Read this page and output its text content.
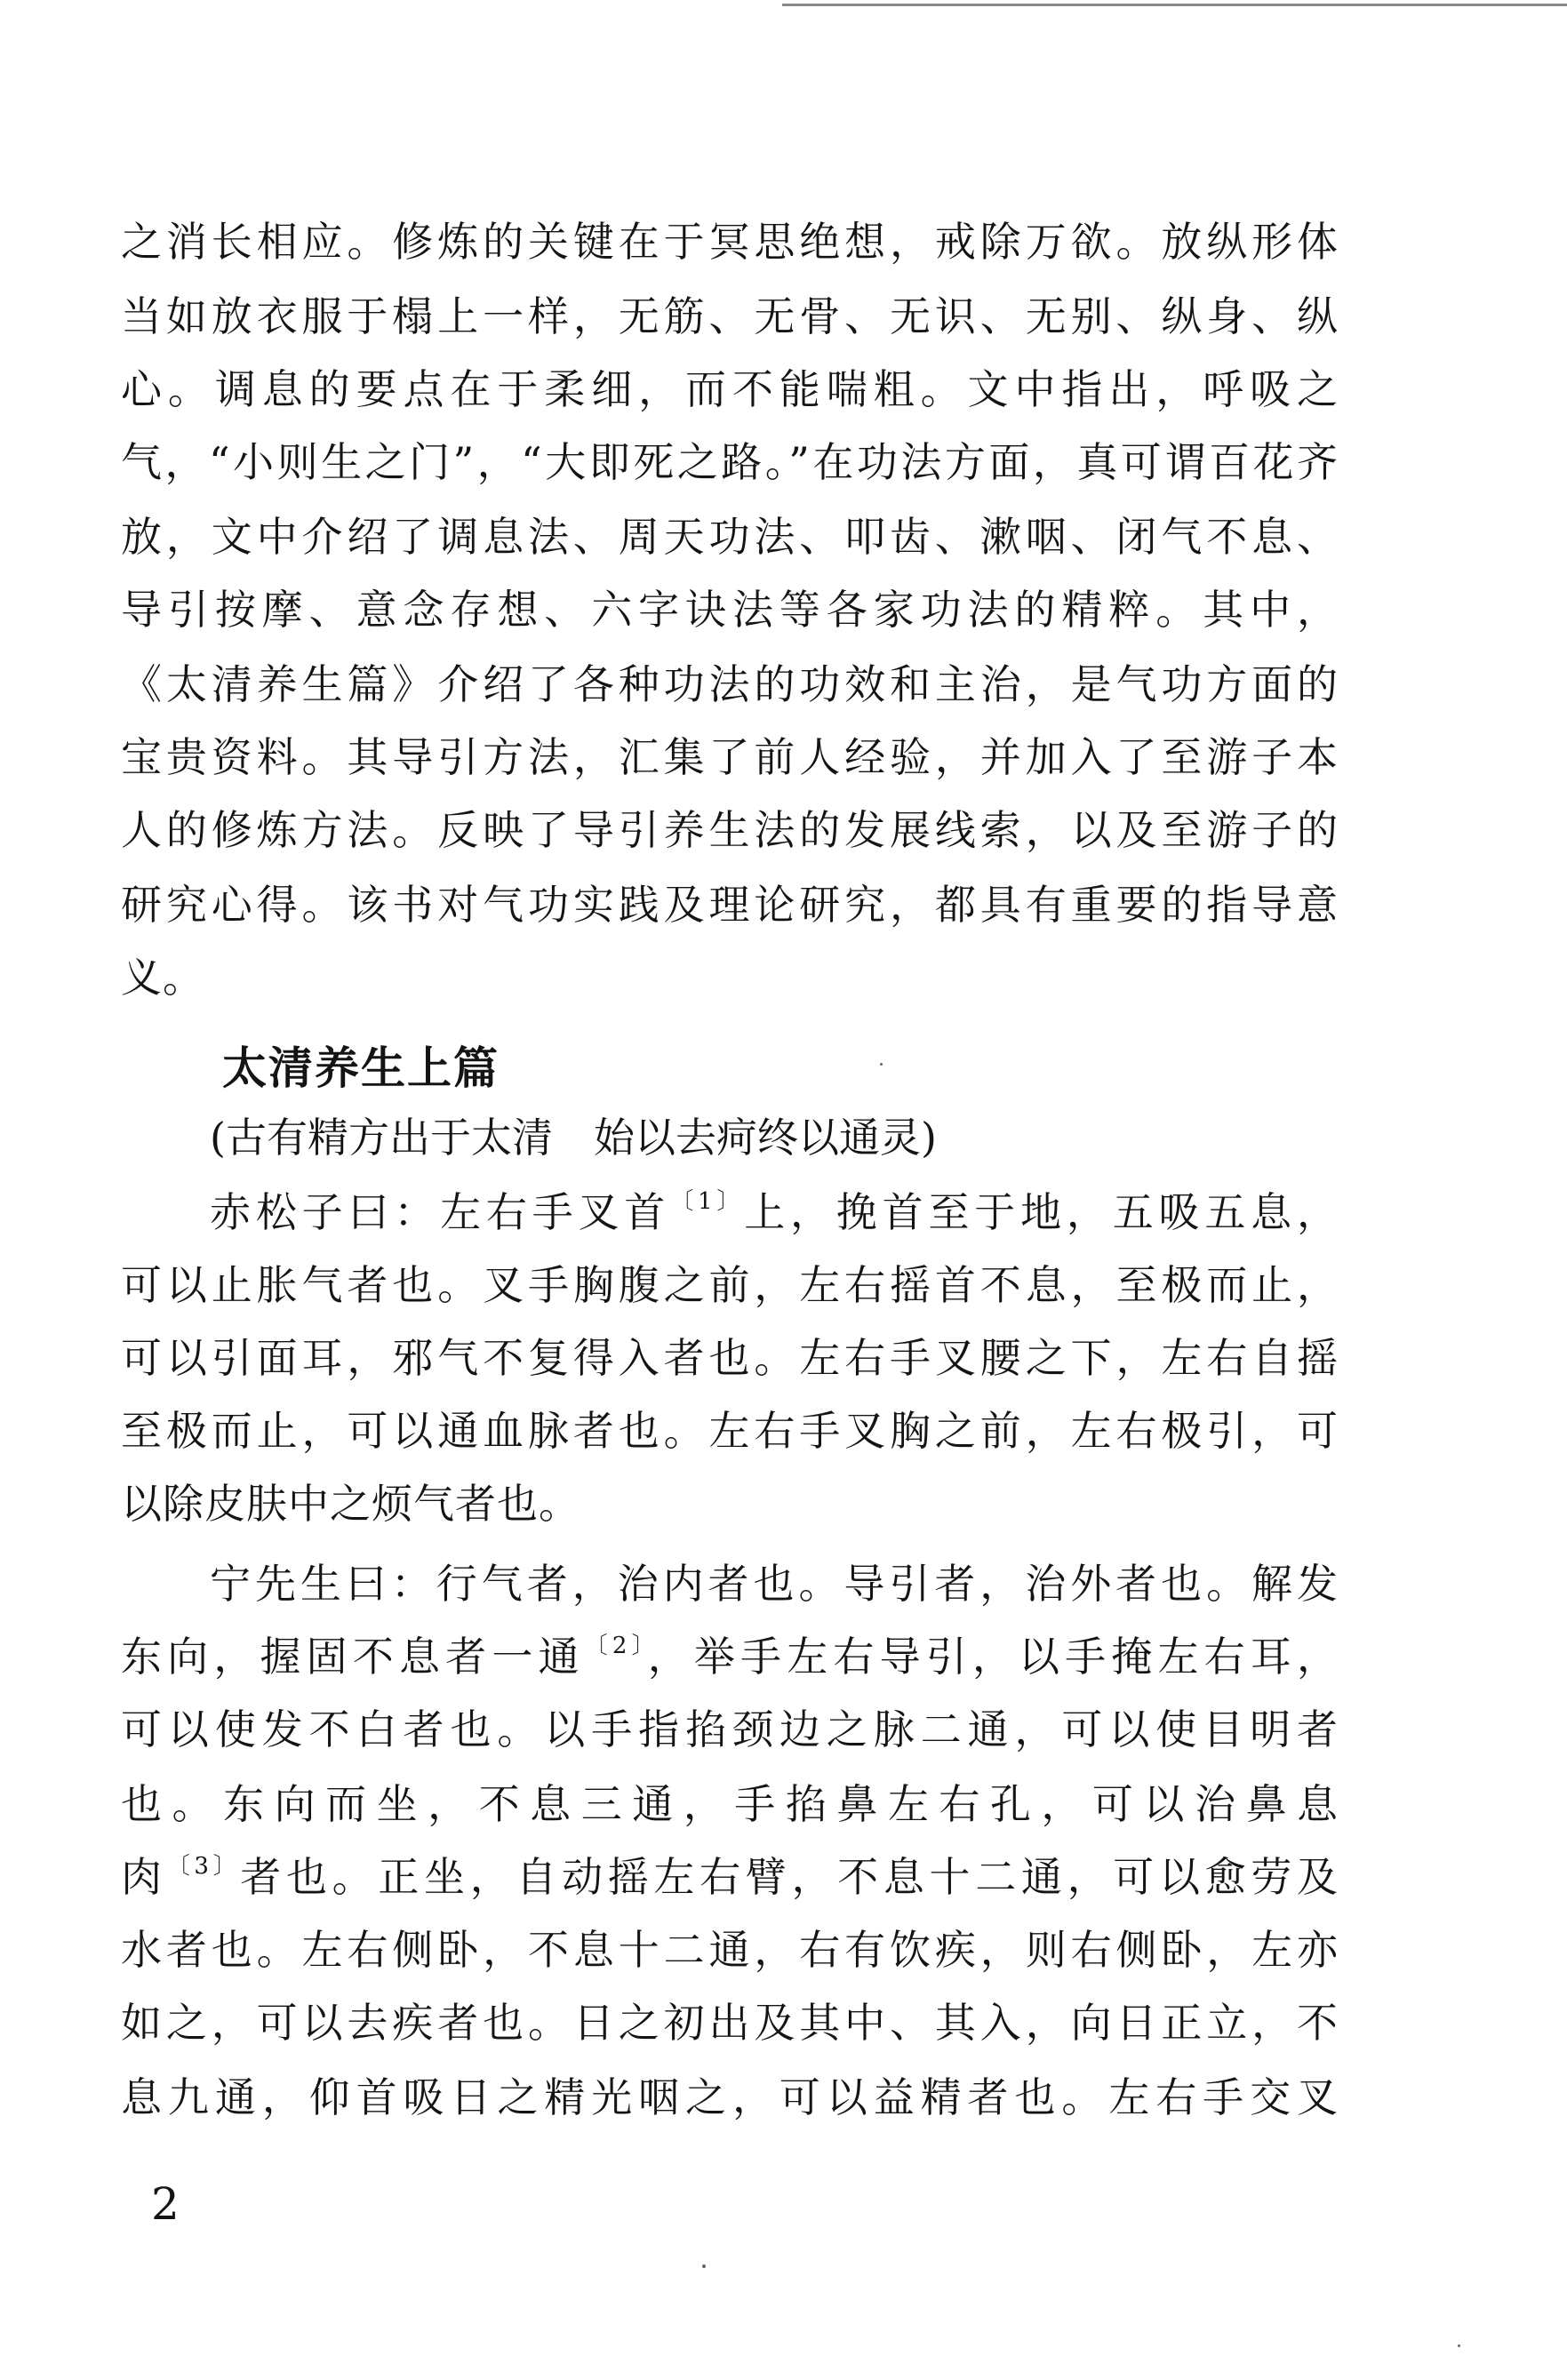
之消长相应。修炼的关键在于冥思绝想，戒除万欲。放纵形体
当如放衣服于榻上一样，无筋、无骨、无识、无别、纵身、纵
心。调息的要点在于柔细，而不能喘粗。文中指出，呼吸之
气，“小则生之门”，“大即死之路。”在功法方面，真可谓百花齐
放，文中介绍了调息法、周天功法、叩齿、漱咽、闭气不息、
导引按摩、意念存想、六字诀法等各家功法的精粹。其中，
《太清养生篇》介绍了各种功法的功效和主治，是气功方面的
宝贵资料。其导引方法，汇集了前人经验，并加入了至游子本
人的修炼方法。反映了导引养生法的发展线索，以及至游子的
研究心得。该书对气功实践及理论研究，都具有重要的指导意
义。
太清养生上篇
(古有精方出于太清　始以去疴终以通灵)
赤松子曰：左右手叉首$^{〔1〕}$上，挽首至于地，五吸五息，
可以止胀气者也。叉手胸腹之前，左右摇首不息，至极而止，
可以引面耳，邪气不复得入者也。左右手叉腰之下，左右自摇
至极而止，可以通血脉者也。左右手叉胸之前，左右极引，可
以除皮肤中之烦气者也。
宁先生曰：行气者，治内者也。导引者，治外者也。解发
东向，握固不息者一通$^{〔2〕}$，举手左右导引，以手掩左右耳，
可以使发不白者也。以手指掐颈边之脉二通，可以使目明者
也。东向而坐，不息三通，手掐鼻左右孔，可以治鼻息
肉$^{〔3〕}$者也。正坐，自动摇左右臂，不息十二通，可以愈劳及
水者也。左右侧卧，不息十二通，右有饮疾，则右侧卧，左亦
如之，可以去疾者也。日之初出及其中、其入，向日正立，不
息九通，仰首吸日之精光咽之，可以益精者也。左右手交叉
2
